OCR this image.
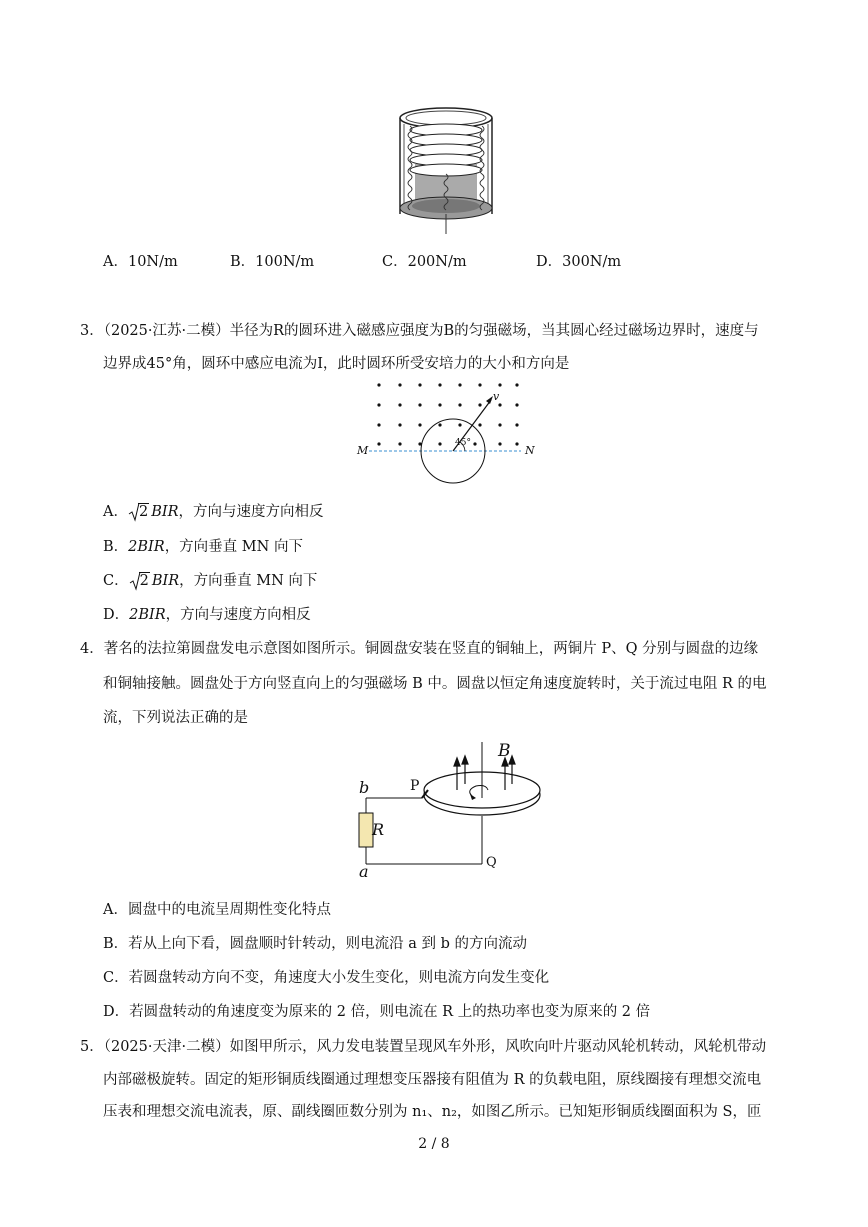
A．10N/m	B．100N/m	C．200N/m	D．300N/m
3．（2025·江苏·二模）半径为R的圆环进入磁感应强度为B的匀强磁场，当其圆心经过磁场边界时，速度与
边界成45°角，圆环中感应电流为I，此时圆环所受安培力的大小和方向是
M	N
v
45°
A． 2 BIR，方向与速度方向相反
B．2BIR，方向垂直 MN 向下
C． 2 BIR，方向垂直 MN 向下
D．2BIR，方向与速度方向相反
4．著名的法拉第圆盘发电示意图如图所示。铜圆盘安装在竖直的铜轴上，两铜片 P、Q 分别与圆盘的边缘
和铜轴接触。圆盘处于方向竖直向上的匀强磁场 B 中。圆盘以恒定角速度旋转时，关于流过电阻 R 的电
流，下列说法正确的是
b
a
P
Q
R
B
A．圆盘中的电流呈周期性变化特点
B．若从上向下看，圆盘顺时针转动，则电流沿 a 到 b 的方向流动
C．若圆盘转动方向不变，角速度大小发生变化，则电流方向发生变化
D．若圆盘转动的角速度变为原来的 2 倍，则电流在 R 上的热功率也变为原来的 2 倍
5．（2025·天津·二模）如图甲所示，风力发电装置呈现风车外形，风吹向叶片驱动风轮机转动，风轮机带动
内部磁极旋转。固定的矩形铜质线圈通过理想变压器接有阻值为 R 的负载电阻，原线圈接有理想交流电
压表和理想交流电流表，原、副线圈匝数分别为 n₁、n₂，如图乙所示。已知矩形铜质线圈面积为 S，匝
2 / 8
